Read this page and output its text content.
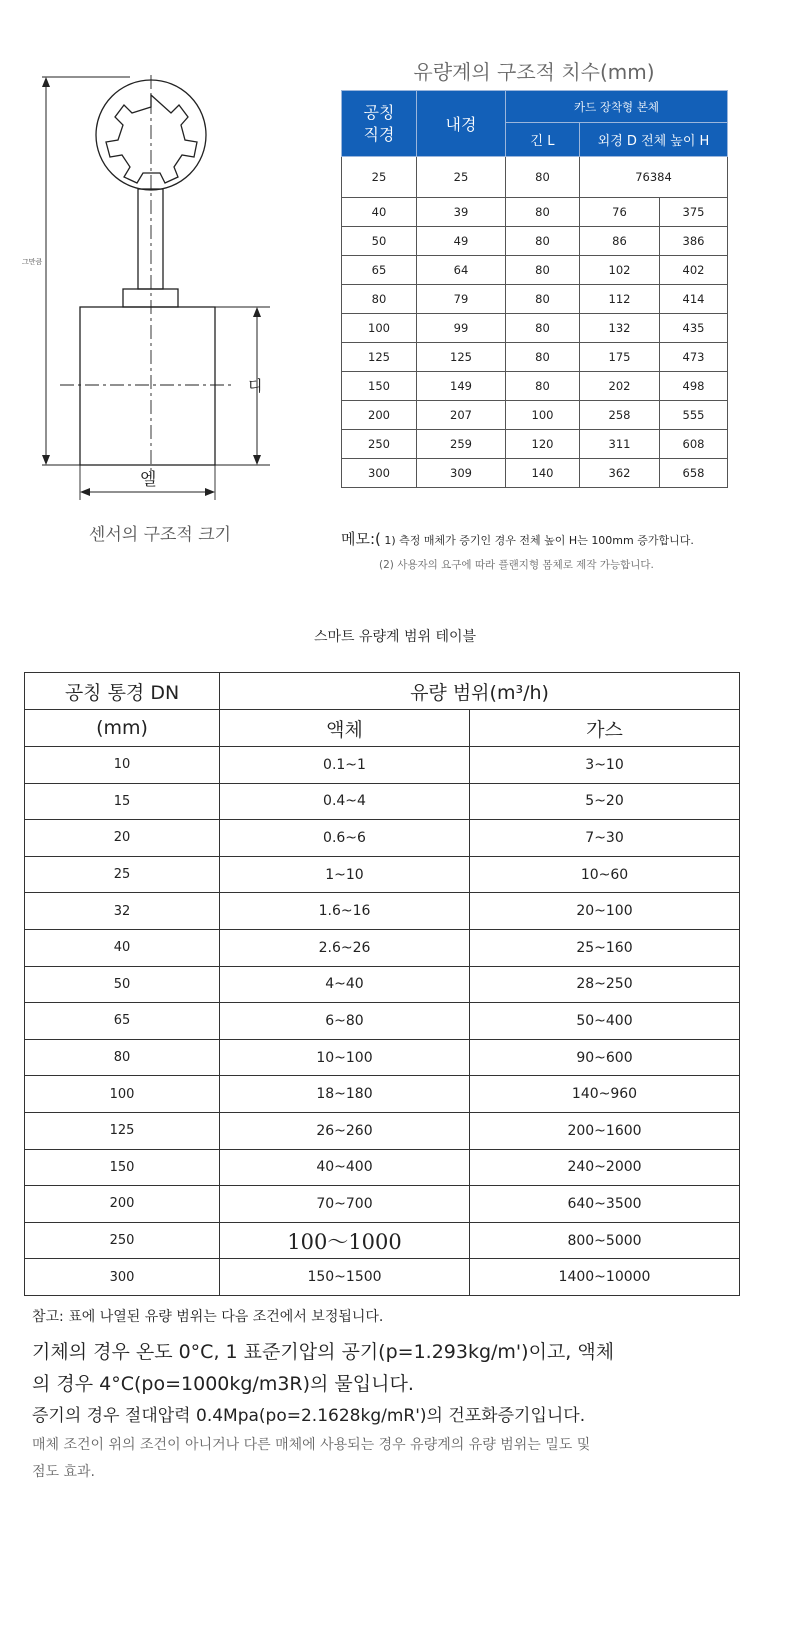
그만큼
디
엘
센서의 구조적 크기
유량계의 구조적 치수(mm)
공칭
직경	내경	카드 장착형 본체		
		긴 L	외경 D 전체 높이 H	
25	25	80	76384	
40	39	80	76	375
50	49	80	86	386
65	64	80	102	402
80	79	80	112	414
100	99	80	132	435
125	125	80	175	473
150	149	80	202	498
200	207	100	258	555
250	259	120	311	608
300	309	140	362	658
메모:( 1) 측정 매체가 증기인 경우 전체 높이 H는 100mm 증가합니다.
(2) 사용자의 요구에 따라 플랜지형 몸체로 제작 가능합니다.
스마트 유량계 범위 테이블
공칭 통경 DN	유량 범위(m³/h)	
(mm)	액체	가스
10	0.1~1	3~10
15	0.4~4	5~20
20	0.6~6	7~30
25	1~10	10~60
32	1.6~16	20~100
40	2.6~26	25~160
50	4~40	28~250
65	6~80	50~400
80	10~100	90~600
100	18~180	140~960
125	26~260	200~1600
150	40~400	240~2000
200	70~700	640~3500
250	100～1000	800~5000
300	150~1500	1400~10000
참고: 표에 나열된 유량 범위는 다음 조건에서 보정됩니다.
기체의 경우 온도 0°C, 1 표준기압의 공기(p=1.293kg/m')이고, 액체
의 경우 4°C(po=1000kg/m3R)의 물입니다.
증기의 경우 절대압력 0.4Mpa(po=2.1628kg/mR')의 건포화증기입니다.
매체 조건이 위의 조건이 아니거나 다른 매체에 사용되는 경우 유량계의 유량 범위는 밀도 및
점도 효과.
